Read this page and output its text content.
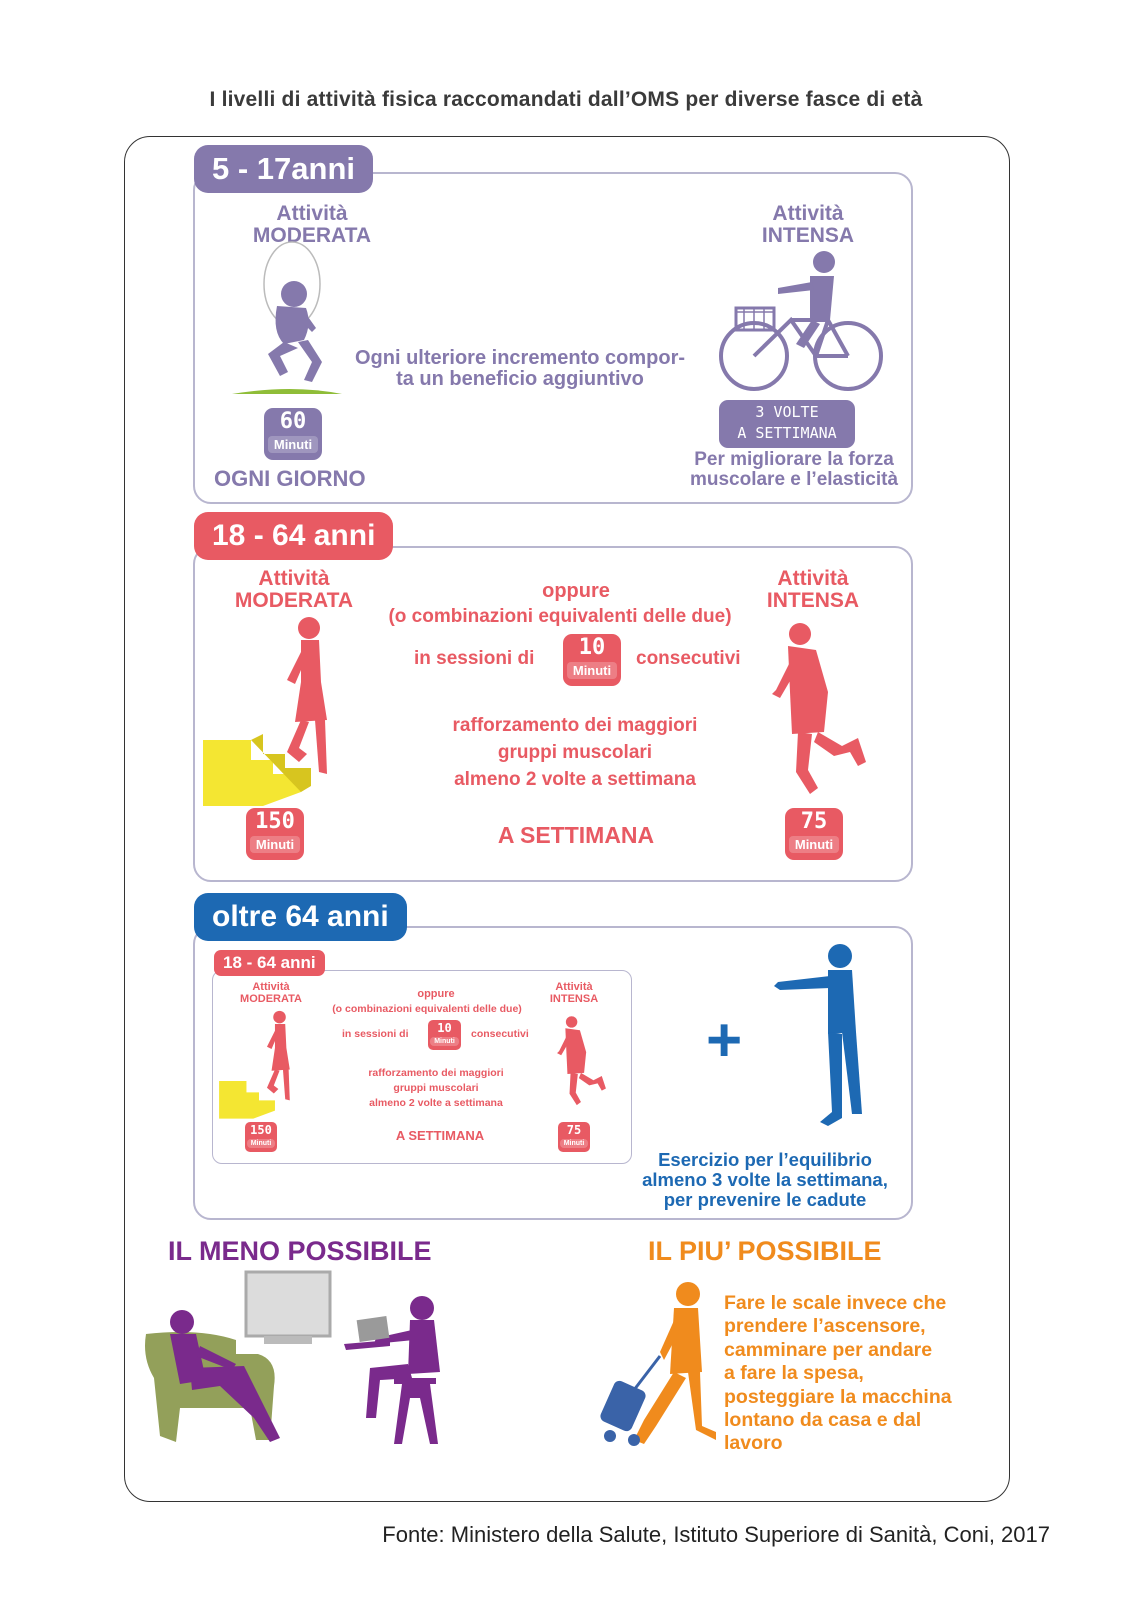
I livelli di attività fisica raccomandati dall’OMS per diverse fasce di età
5 - 17anni
Attività
MODERATA
Attività
INTENSA
Ogni ulteriore incremento compor-
ta un beneficio aggiuntivo
60
Minuti
OGNI GIORNO
3 VOLTE
A SETTIMANA
Per migliorare la forza
muscolare e l’elasticità
18 - 64 anni
Attività
MODERATA
Attività
INTENSA
oppure
(o combinazioni equivalenti delle due)
in sessioni di	10
Minuti
consecutivi
rafforzamento dei maggiori
gruppi muscolari
almeno 2 volte a settimana
A SETTIMANA
150
Minuti
75
Minuti
oltre 64 anni
18 - 64 anni
Attività
MODERATA
Attività
INTENSA
oppure
(o combinazioni equivalenti delle due)
in sessioni di	10
Minuti
consecutivi
rafforzamento dei maggiori
gruppi muscolari
almeno 2 volte a settimana
A SETTIMANA
150
Minuti
75
Minuti
+
Esercizio per l’equilibrio
almeno 3 volte la settimana,
per prevenire le cadute
IL MENO POSSIBILE	IL PIU’ POSSIBILE
Fare le scale invece che
prendere l’ascensore,
camminare per andare
a fare la spesa,
posteggiare la macchina
lontano da casa e dal
lavoro
Fonte: Ministero della Salute, Istituto Superiore di Sanità, Coni, 2017
